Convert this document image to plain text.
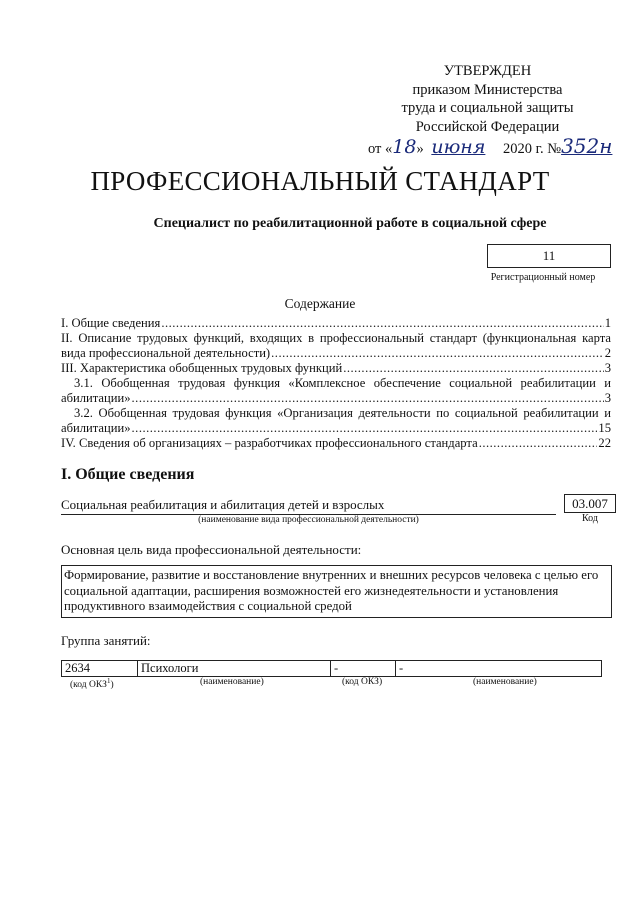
УТВЕРЖДЕН
приказом Министерства
труда и социальной защиты
Российской Федерации
от «18» июня 2020 г. №352н
ПРОФЕССИОНАЛЬНЫЙ СТАНДАРТ
Специалист по реабилитационной работе в социальной сфере
11
Регистрационный номер
Содержание
I. Общие сведения .....	1
II. Описание трудовых функций, входящих в профессиональный стандарт (функциональная карта
вида профессиональной деятельности) .....	2
III. Характеристика обобщенных трудовых функций .....	3
3.1. Обобщенная трудовая функция «Комплексное обеспечение социальной реабилитации и
абилитации» .....	3
3.2. Обобщенная трудовая функция «Организация деятельности по социальной реабилитации и
абилитации» .....	15
IV. Сведения об организациях – разработчиках профессионального стандарта .....	22
I. Общие сведения
Социальная реабилитация и абилитация детей и взрослых
(наименование вида профессиональной деятельности)
03.007
Код
Основная цель вида профессиональной деятельности:
Формирование, развитие и восстановление внутренних и внешних ресурсов человека с целью его социальной адаптации, расширения возможностей его жизнедеятельности и установления продуктивного взаимодействия с социальной средой
Группа занятий:
2634	Психологи	-	-
(код ОКЗ$^1$)	(наименование)	(код ОКЗ)	(наименование)
